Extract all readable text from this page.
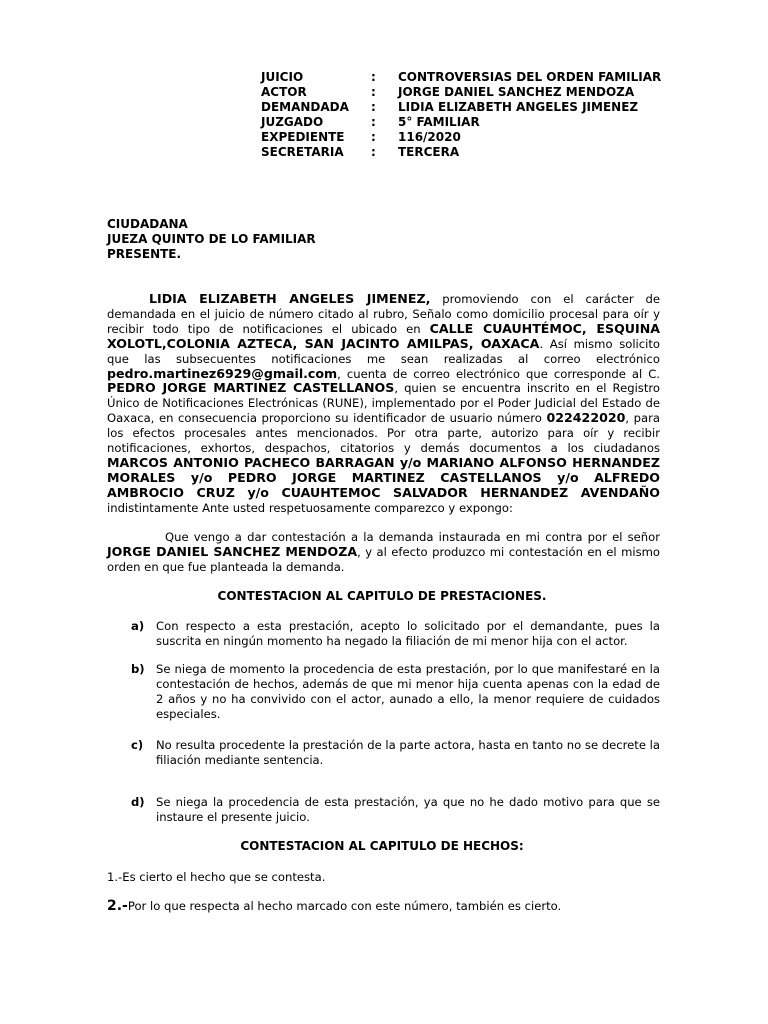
JUICIO	:	CONTROVERSIAS DEL ORDEN FAMILIAR
ACTOR	:	JORGE DANIEL SANCHEZ MENDOZA
DEMANDADA	:	LIDIA ELIZABETH ANGELES JIMENEZ
JUZGADO	:	5° FAMILIAR
EXPEDIENTE	:	116/2020
SECRETARIA	:	TERCERA
CIUDADANA
JUEZA QUINTO DE LO FAMILIAR
PRESENTE.
LIDIA ELIZABETH ANGELES JIMENEZ, promoviendo con el carácter de demandada en el juicio de número citado al rubro, Señalo como domicilio procesal para oír y recibir todo tipo de notificaciones el ubicado en CALLE CUAUHTÉMOC, ESQUINA XOLOTL,COLONIA AZTECA, SAN JACINTO AMILPAS, OAXACA. Así mismo solicito que las subsecuentes notificaciones me sean realizadas al correo electrónico pedro.martinez6929@gmail.com, cuenta de correo electrónico que corresponde al C. PEDRO JORGE MARTINEZ CASTELLANOS, quien se encuentra inscrito en el Registro Único de Notificaciones Electrónicas (RUNE), implementado por el Poder Judicial del Estado de Oaxaca, en consecuencia proporciono su identificador de usuario número 022422020, para los efectos procesales antes mencionados. Por otra parte, autorizo para oír y recibir notificaciones, exhortos, despachos, citatorios y demás documentos a los ciudadanos MARCOS ANTONIO PACHECO BARRAGAN y/o MARIANO ALFONSO HERNANDEZ MORALES y/o PEDRO JORGE MARTINEZ CASTELLANOS y/o ALFREDO AMBROCIO CRUZ y/o CUAUHTEMOC SALVADOR HERNANDEZ AVENDAÑO indistintamente Ante usted respetuosamente comparezco y expongo:
Que vengo a dar contestación a la demanda instaurada en mi contra por el señor JORGE DANIEL SANCHEZ MENDOZA, y al efecto produzco mi contestación en el mismo orden en que fue planteada la demanda.
CONTESTACION AL CAPITULO DE PRESTACIONES.
a)	Con respecto a esta prestación, acepto lo solicitado por el demandante, pues la suscrita en ningún momento ha negado la filiación de mi menor hija con el actor.
b) Se niega de momento la procedencia de esta prestación, por lo que manifestaré en la contestación de hechos, además de que mi menor hija cuenta apenas con la edad de 2 años y no ha convivido con el actor, aunado a ello, la menor requiere de cuidados especiales.
c)	No resulta procedente la prestación de la parte actora, hasta en tanto no se decrete la filiación mediante sentencia.
d) Se niega la procedencia de esta prestación, ya que no he dado motivo para que se instaure el presente juicio.
CONTESTACION AL CAPITULO DE HECHOS:
1.-Es cierto el hecho que se contesta.
2.-Por lo que respecta al hecho marcado con este número, también es cierto.
